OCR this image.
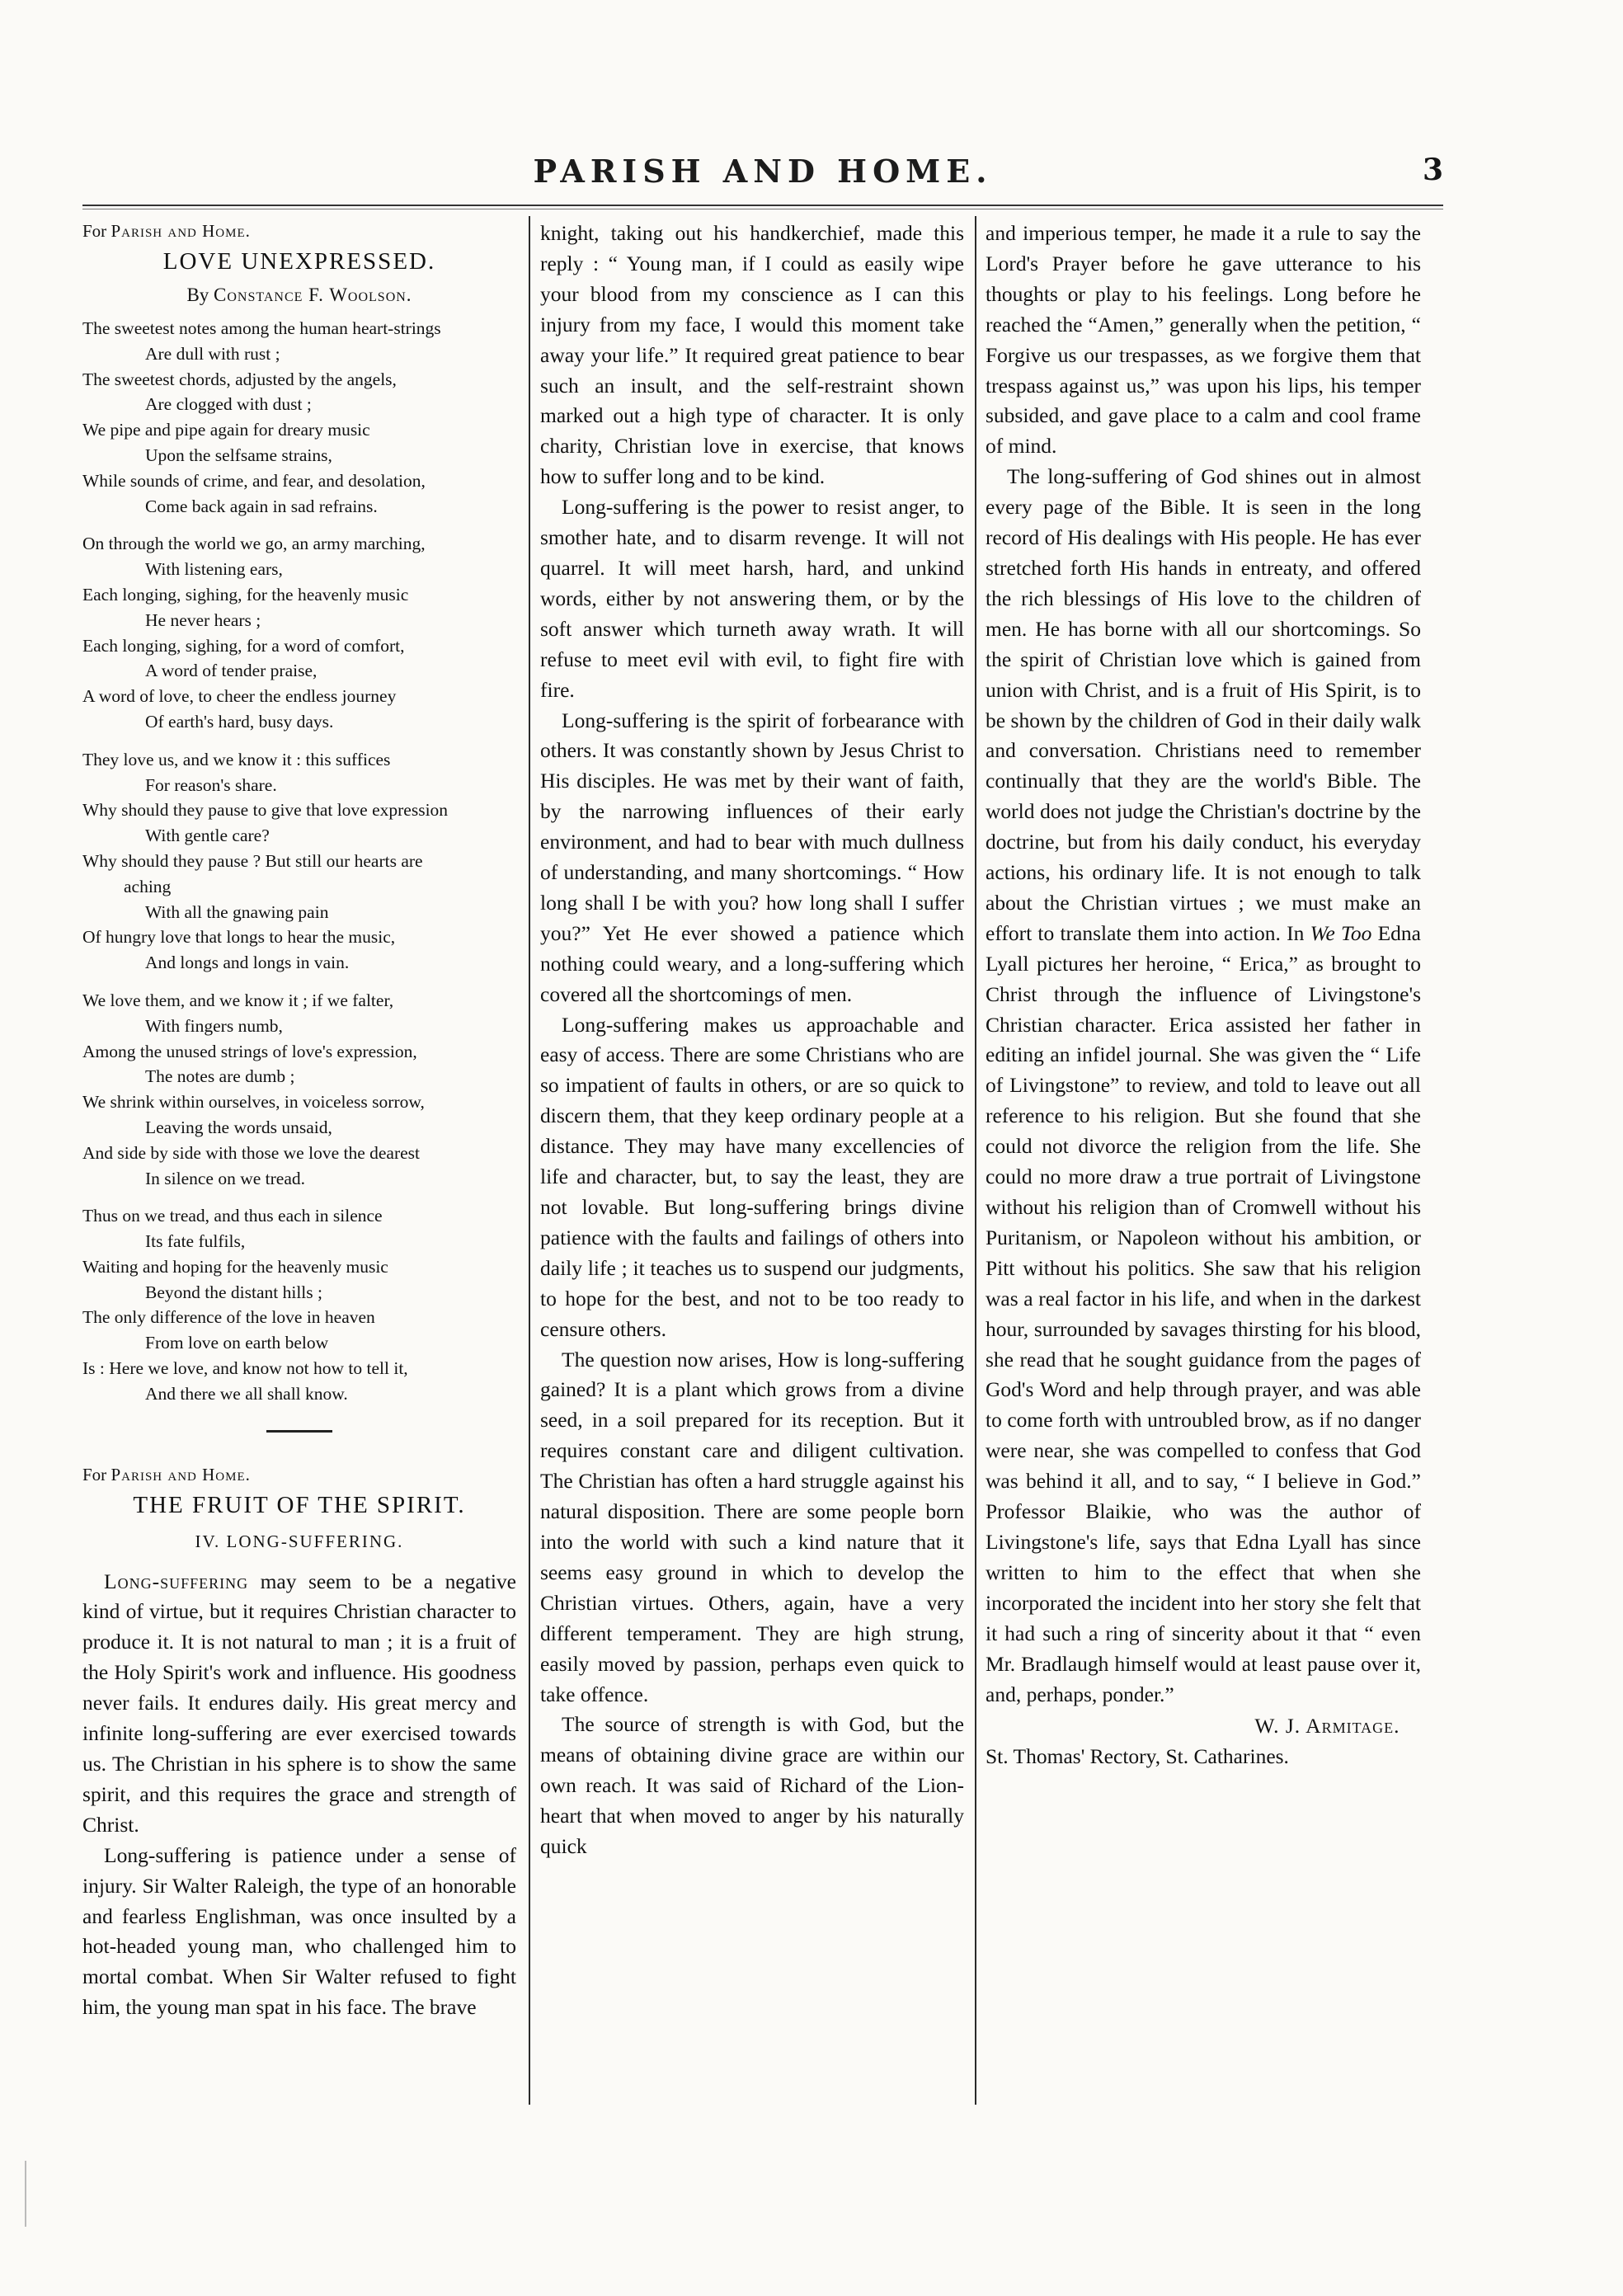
PARISH AND HOME.	3

For Parish and Home.

LOVE UNEXPRESSED.
By Constance F. Woolson.
The sweetest notes among the human heart-strings
Are dull with rust ;
The sweetest chords, adjusted by the angels,
Are clogged with dust ;
We pipe and pipe again for dreary music
Upon the selfsame strains,
While sounds of crime, and fear, and desolation,
Come back again in sad refrains.
On through the world we go, an army marching,
With listening ears,
Each longing, sighing, for the heavenly music
He never hears ;
Each longing, sighing, for a word of comfort,
A word of tender praise,
A word of love, to cheer the endless journey
Of earth's hard, busy days.
They love us, and we know it : this suffices
For reason's share.
Why should they pause to give that love expression
With gentle care?
Why should they pause ? But still our hearts are
aching
With all the gnawing pain
Of hungry love that longs to hear the music,
And longs and longs in vain.
We love them, and we know it ; if we falter,
With fingers numb,
Among the unused strings of love's expression,
The notes are dumb ;
We shrink within ourselves, in voiceless sorrow,
Leaving the words unsaid,
And side by side with those we love the dearest
In silence on we tread.
Thus on we tread, and thus each in silence
Its fate fulfils,
Waiting and hoping for the heavenly music
Beyond the distant hills ;
The only difference of the love in heaven
From love on earth below
Is : Here we love, and know not how to tell it,
And there we all shall know.

For Parish and Home.

THE FRUIT OF THE SPIRIT.
IV. LONG-SUFFERING.

Long-suffering may seem to be a negative kind of virtue, but it requires Christian character to produce it. It is not natural to man ; it is a fruit of the Holy Spirit's work and influence. His goodness never fails. It endures daily. His great mercy and infinite long-suffering are ever exercised towards us. The Christian in his sphere is to show the same spirit, and this requires the grace and strength of Christ.

Long-suffering is patience under a sense of injury. Sir Walter Raleigh, the type of an honorable and fearless Englishman, was once insulted by a hot-headed young man, who challenged him to mortal combat. When Sir Walter refused to fight him, the young man spat in his face. The brave

knight, taking out his handkerchief, made this reply : “ Young man, if I could as easily wipe your blood from my conscience as I can this injury from my face, I would this moment take away your life.” It required great patience to bear such an insult, and the self-restraint shown marked out a high type of character. It is only charity, Christian love in exercise, that knows how to suffer long and to be kind.

Long-suffering is the power to resist anger, to smother hate, and to disarm revenge. It will not quarrel. It will meet harsh, hard, and unkind words, either by not answering them, or by the soft answer which turneth away wrath. It will refuse to meet evil with evil, to fight fire with fire.

Long-suffering is the spirit of forbearance with others. It was constantly shown by Jesus Christ to His disciples. He was met by their want of faith, by the narrowing influences of their early environment, and had to bear with much dullness of understanding, and many shortcomings. “ How long shall I be with you? how long shall I suffer you?” Yet He ever showed a patience which nothing could weary, and a long-suffering which covered all the shortcomings of men.

Long-suffering makes us approachable and easy of access. There are some Christians who are so impatient of faults in others, or are so quick to discern them, that they keep ordinary people at a distance. They may have many excellencies of life and character, but, to say the least, they are not lovable. But long-suffering brings divine patience with the faults and failings of others into daily life ; it teaches us to suspend our judgments, to hope for the best, and not to be too ready to censure others.

The question now arises, How is long-suffering gained? It is a plant which grows from a divine seed, in a soil prepared for its reception. But it requires constant care and diligent cultivation. The Christian has often a hard struggle against his natural disposition. There are some people born into the world with such a kind nature that it seems easy ground in which to develop the Christian virtues. Others, again, have a very different temperament. They are high strung, easily moved by passion, perhaps even quick to take offence.

The source of strength is with God, but the means of obtaining divine grace are within our own reach. It was said of Richard of the Lion-heart that when moved to anger by his naturally quick

and imperious temper, he made it a rule to say the Lord's Prayer before he gave utterance to his thoughts or play to his feelings. Long before he reached the “Amen,” generally when the petition, “ Forgive us our trespasses, as we forgive them that trespass against us,” was upon his lips, his temper subsided, and gave place to a calm and cool frame of mind.

The long-suffering of God shines out in almost every page of the Bible. It is seen in the long record of His dealings with His people. He has ever stretched forth His hands in entreaty, and offered the rich blessings of His love to the children of men. He has borne with all our shortcomings. So the spirit of Christian love which is gained from union with Christ, and is a fruit of His Spirit, is to be shown by the children of God in their daily walk and conversation. Christians need to remember continually that they are the world's Bible. The world does not judge the Christian's doctrine by the doctrine, but from his daily conduct, his everyday actions, his ordinary life. It is not enough to talk about the Christian virtues ; we must make an effort to translate them into action. In We Too Edna Lyall pictures her heroine, “ Erica,” as brought to Christ through the influence of Livingstone's Christian character. Erica assisted her father in editing an infidel journal. She was given the “ Life of Livingstone” to review, and told to leave out all reference to his religion. But she found that she could not divorce the religion from the life. She could no more draw a true portrait of Livingstone without his religion than of Cromwell without his Puritanism, or Napoleon without his ambition, or Pitt without his politics. She saw that his religion was a real factor in his life, and when in the darkest hour, surrounded by savages thirsting for his blood, she read that he sought guidance from the pages of God's Word and help through prayer, and was able to come forth with untroubled brow, as if no danger were near, she was compelled to confess that God was behind it all, and to say, “ I believe in God.” Professor Blaikie, who was the author of Livingstone's life, says that Edna Lyall has since written to him to the effect that when she incorporated the incident into her story she felt that it had such a ring of sincerity about it that “ even Mr. Bradlaugh himself would at least pause over it, and, perhaps, ponder.”

W. J. Armitage.

St. Thomas' Rectory, St. Catharines.
